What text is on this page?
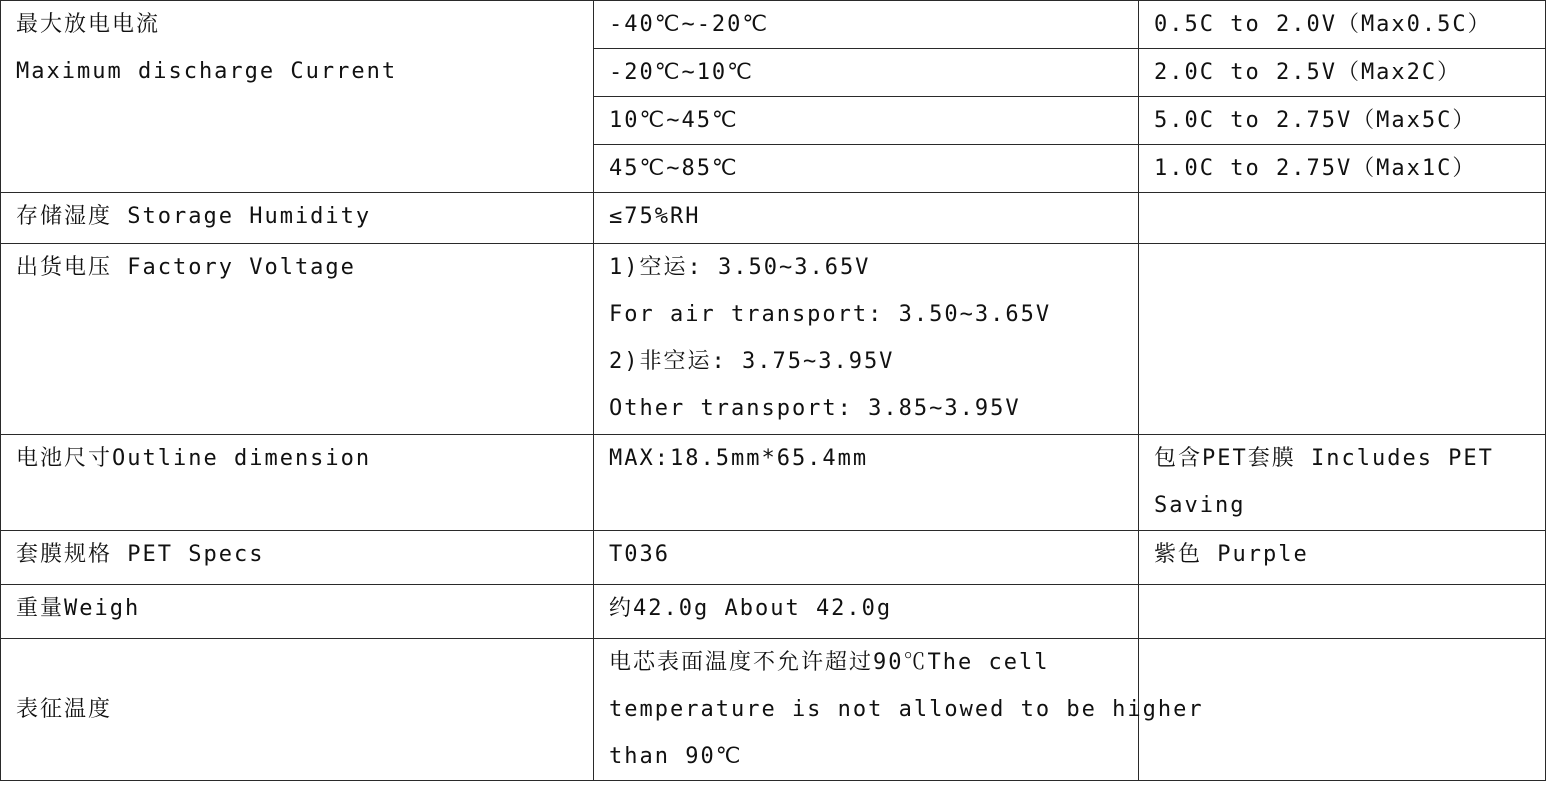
最大放电电流
Maximum discharge Current	-40℃~-20℃	0.5C to 2.0V（Max0.5C）
	-20℃~10℃	2.0C to 2.5V（Max2C）
	10℃~45℃	5.0C to 2.75V（Max5C）
	45℃~85℃	1.0C to 2.75V（Max1C）
存储湿度 Storage Humidity	≤75%RH	
出货电压 Factory Voltage	1)空运: 3.50~3.65V
For air transport: 3.50~3.65V
2)非空运: 3.75~3.95V
Other transport: 3.85~3.95V	

电池尺寸Outline dimension	MAX:18.5mm*65.4mm	包含PET套膜 Includes PET
Saving

套膜规格 PET Specs	T036	紫色 Purple
重量Weigh	约42.0g About 42.0g	
表征温度	电芯表面温度不允许超过90℃The cell
temperature is not allowed to be higher
than 90℃	
